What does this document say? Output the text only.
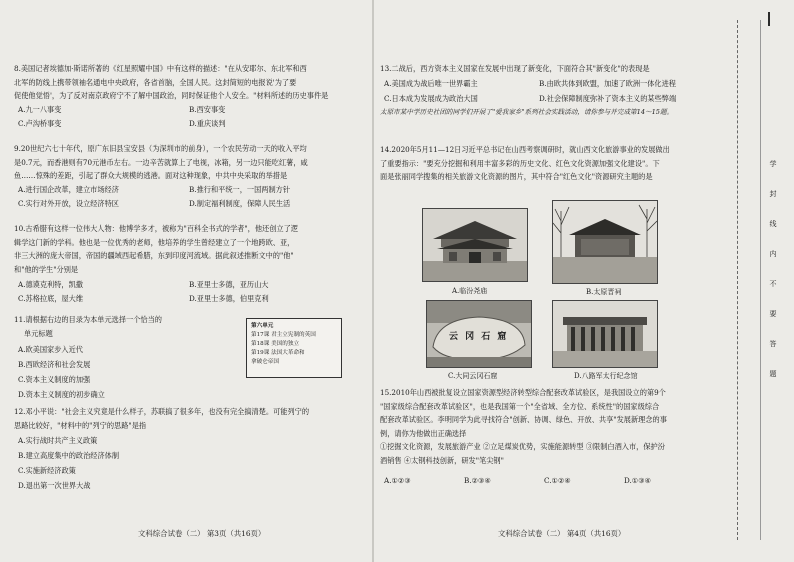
8.美国记者埃德加·斯诺所著的《红星照耀中国》中有这样的描述："在从安耶尔、东北军和西
北军的防线上携带领袖名通电中央政府，各省首脑，全国人民。这封简短的电报说'为了要
促使他觉悟'，为了反对南京政府宁不了解中国政治，同时保证他个人安全。"材料所述的历史事件是
A.九一八事变	B.西安事变
C.卢沟桥事变	D.重庆谈判
9.20世纪六七十年代，原广东旧县宝安县（为深圳市的前身），一个农民劳动一天的收入平均
是0.7元，而香港则有70元港币左右。一边辛苦就算上了电视，冰箱，另一边只能吃红薯，咸
鱼……惊殊的差距，引起了群众大规模的逃港。面对这种现象，中共中央采取的举措是
A.进行国企改革，建立市场经济	B.推行和平统一，一国两制方针
C.实行对外开放，设立经济特区	D.制定福利制度，保障人民生活
10.古希腊有这样一位伟大人物：他博学多才，被称为"百科全书式的学者"，他还创立了逻
辑学这门新的学科。他也是一位优秀的老师，他培养的学生曾经建立了一个地跨欧、亚，
非三大洲的庞大帝国，帝国的疆域西起希腊，东到印度河流域。据此叙述推断文中的"他"
和"他的学生"分别是
A.德谟克利特，凯撒	B.亚里士多德，亚历山大
C.苏格拉底，屋大维	D.亚里士多德，伯里克利
11.请根据右边的目录为本单元选择一个恰当的
单元标题
A.欧美国家步入近代
B.西欧经济和社会发展
C.资本主义制度的加强
D.资本主义制度的初步确立
第六单元
第17课 君主立宪制的英国
第18课 美国的独立
第19课 法国大革命和
拿破仑帝国
12.邓小平说："社会主义究竟是什么样子，苏联搞了很多年，也没有完全搞清楚。可能列宁的
思路比较好，"材料中的"列宁的思路"是指
A.实行战时共产主义政策
B.建立高度集中的政治经济体制
C.实施新经济政策
D.退出第一次世界大战
文科综合试卷（二） 第3页（共16页）
13.二战后，西方资本主义国家在发展中出现了新变化，下面符合其"新变化"的表现是
A.美国成为战后唯一世界霸主	B.由欧共体到欧盟，加速了欧洲一体化进程
C.日本成为发展成为政治大国	D.社会保障制度弥补了资本主义的某些弊端
太原市某中学历史社团的同学们开展了"爱我家乡"系列社会实践活动，请你参与并完成第14～15题。
14.2020年5月11—12日习近平总书记在山西考察调研时，就山西文化旅游事业的发展做出
了重要指示："要充分挖掘和利用丰富多彩的历史文化、红色文化资源加强文化建设"。下
面是张丽同学搜集的相关旅游文化资源的图片，其中符合"红色文化"资源研究主题的是
A.临汾尧庙	B.太原晋祠
云 冈 石 窟
C.大同云冈石窟	D.八路军太行纪念馆
15.2010年山西被批复设立国家资源型经济转型综合配套改革试验区，是我国设立的第9个
"国家级综合配套改革试验区"，也是我国第一个"全省域、全方位、系统性"的国家级综合
配套改革试验区。李明同学为此寻找符合"创新、协调、绿色、开放、共享"发展新理念的事
例，请你为他做出正确选择
①挖掘文化资源，发展旅游产业 ②立足煤炭优势，实施能源转型 ③限制白酒入市，保护汾
酒销售 ④太钢科技创新，研发"笔尖钢"
A.①②③	B.②③④	C.①②④	D.①③④
文科综合试卷（二） 第4页（共16页）
学
封
线
内
不
要
答
题
